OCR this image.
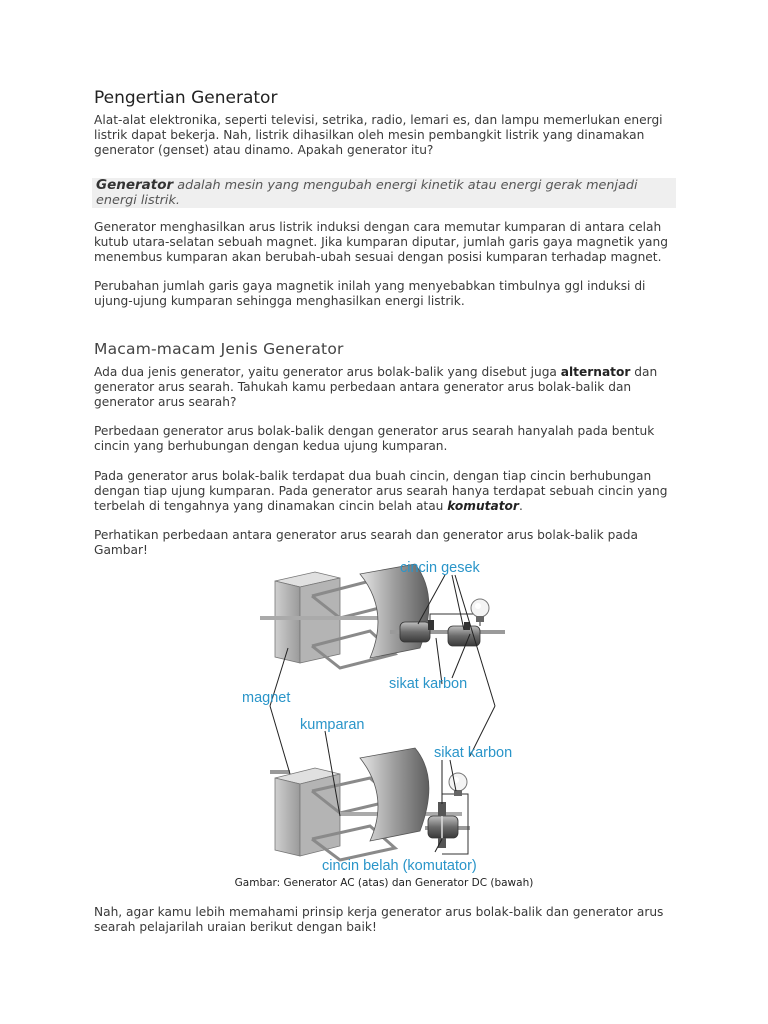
Pengertian Generator
Alat-alat elektronika, seperti televisi, setrika, radio, lemari es, dan lampu memerlukan energi listrik dapat bekerja. Nah, listrik dihasilkan oleh mesin pembangkit listrik yang dinamakan generator (genset) atau dinamo. Apakah generator itu?
Generator adalah mesin yang mengubah energi kinetik atau energi gerak menjadi energi listrik.
Generator menghasilkan arus listrik induksi dengan cara memutar kumparan di antara celah kutub utara-selatan sebuah magnet. Jika kumparan diputar, jumlah garis gaya magnetik yang menembus kumparan akan berubah-ubah sesuai dengan posisi kumparan terhadap magnet.
Perubahan jumlah garis gaya magnetik inilah yang menyebabkan timbulnya ggl induksi di ujung-ujung kumparan sehingga menghasilkan energi listrik.
Macam-macam Jenis Generator
Ada dua jenis generator, yaitu generator arus bolak-balik yang disebut juga alternator dan generator arus searah. Tahukah kamu perbedaan antara generator arus bolak-balik dan generator arus searah?
Perbedaan generator arus bolak-balik dengan generator arus searah hanyalah pada bentuk cincin yang berhubungan dengan kedua ujung kumparan.
Pada generator arus bolak-balik terdapat dua buah cincin, dengan tiap cincin berhubungan dengan tiap ujung kumparan. Pada generator arus searah hanya terdapat sebuah cincin yang terbelah di tengahnya yang dinamakan cincin belah atau komutator.
Perhatikan perbedaan antara generator arus searah dan generator arus bolak-balik pada Gambar!
cincin gesek
sikat karbon
magnet
kumparan
sikat karbon
cincin belah (komutator)
Gambar: Generator AC (atas) dan Generator DC (bawah)
Nah, agar kamu lebih memahami prinsip kerja generator arus bolak-balik dan generator arus searah pelajarilah uraian berikut dengan baik!
